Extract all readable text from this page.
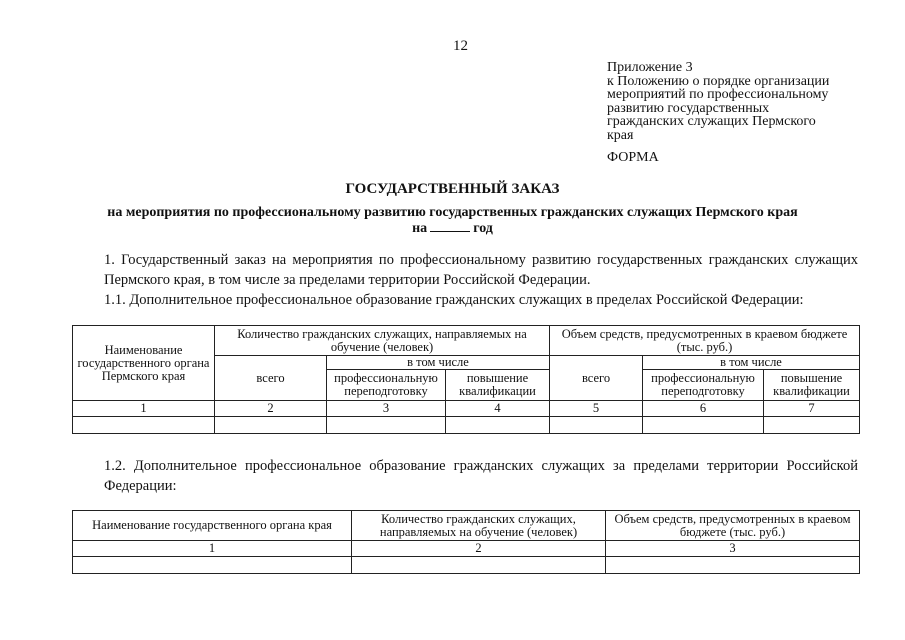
12
Приложение 3
к Положению о порядке организации
мероприятий по профессиональному
развитию государственных
гражданских служащих Пермского
края
ФОРМА
ГОСУДАРСТВЕННЫЙ ЗАКАЗ
на мероприятия по профессиональному развитию государственных гражданских служащих Пермского края
на	год
1. Государственный заказ на мероприятия по профессиональному развитию государственных гражданских служащих Пермского края, в том числе за пределами территории Российской Федерации.
1.1. Дополнительное профессиональное образование гражданских служащих в пределах Российской Федерации:
Наименование государственного органа Пермского края	Количество гражданских служащих, направляемых на обучение (человек)			Объем средств, предусмотренных в краевом бюджете (тыс. руб.)		
	всего	в том числе		всего	в том числе	
		профессиональную переподготовку	повышение квалификации		профессиональную переподготовку	повышение квалификации
1	2	3	4	5	6	7

1.2. Дополнительное профессиональное образование гражданских служащих за пределами территории Российской Федерации:
Наименование государственного органа края	Количество гражданских служащих, направляемых на обучение (человек)	Объем средств, предусмотренных в краевом бюджете (тыс. руб.)
1	2	3
